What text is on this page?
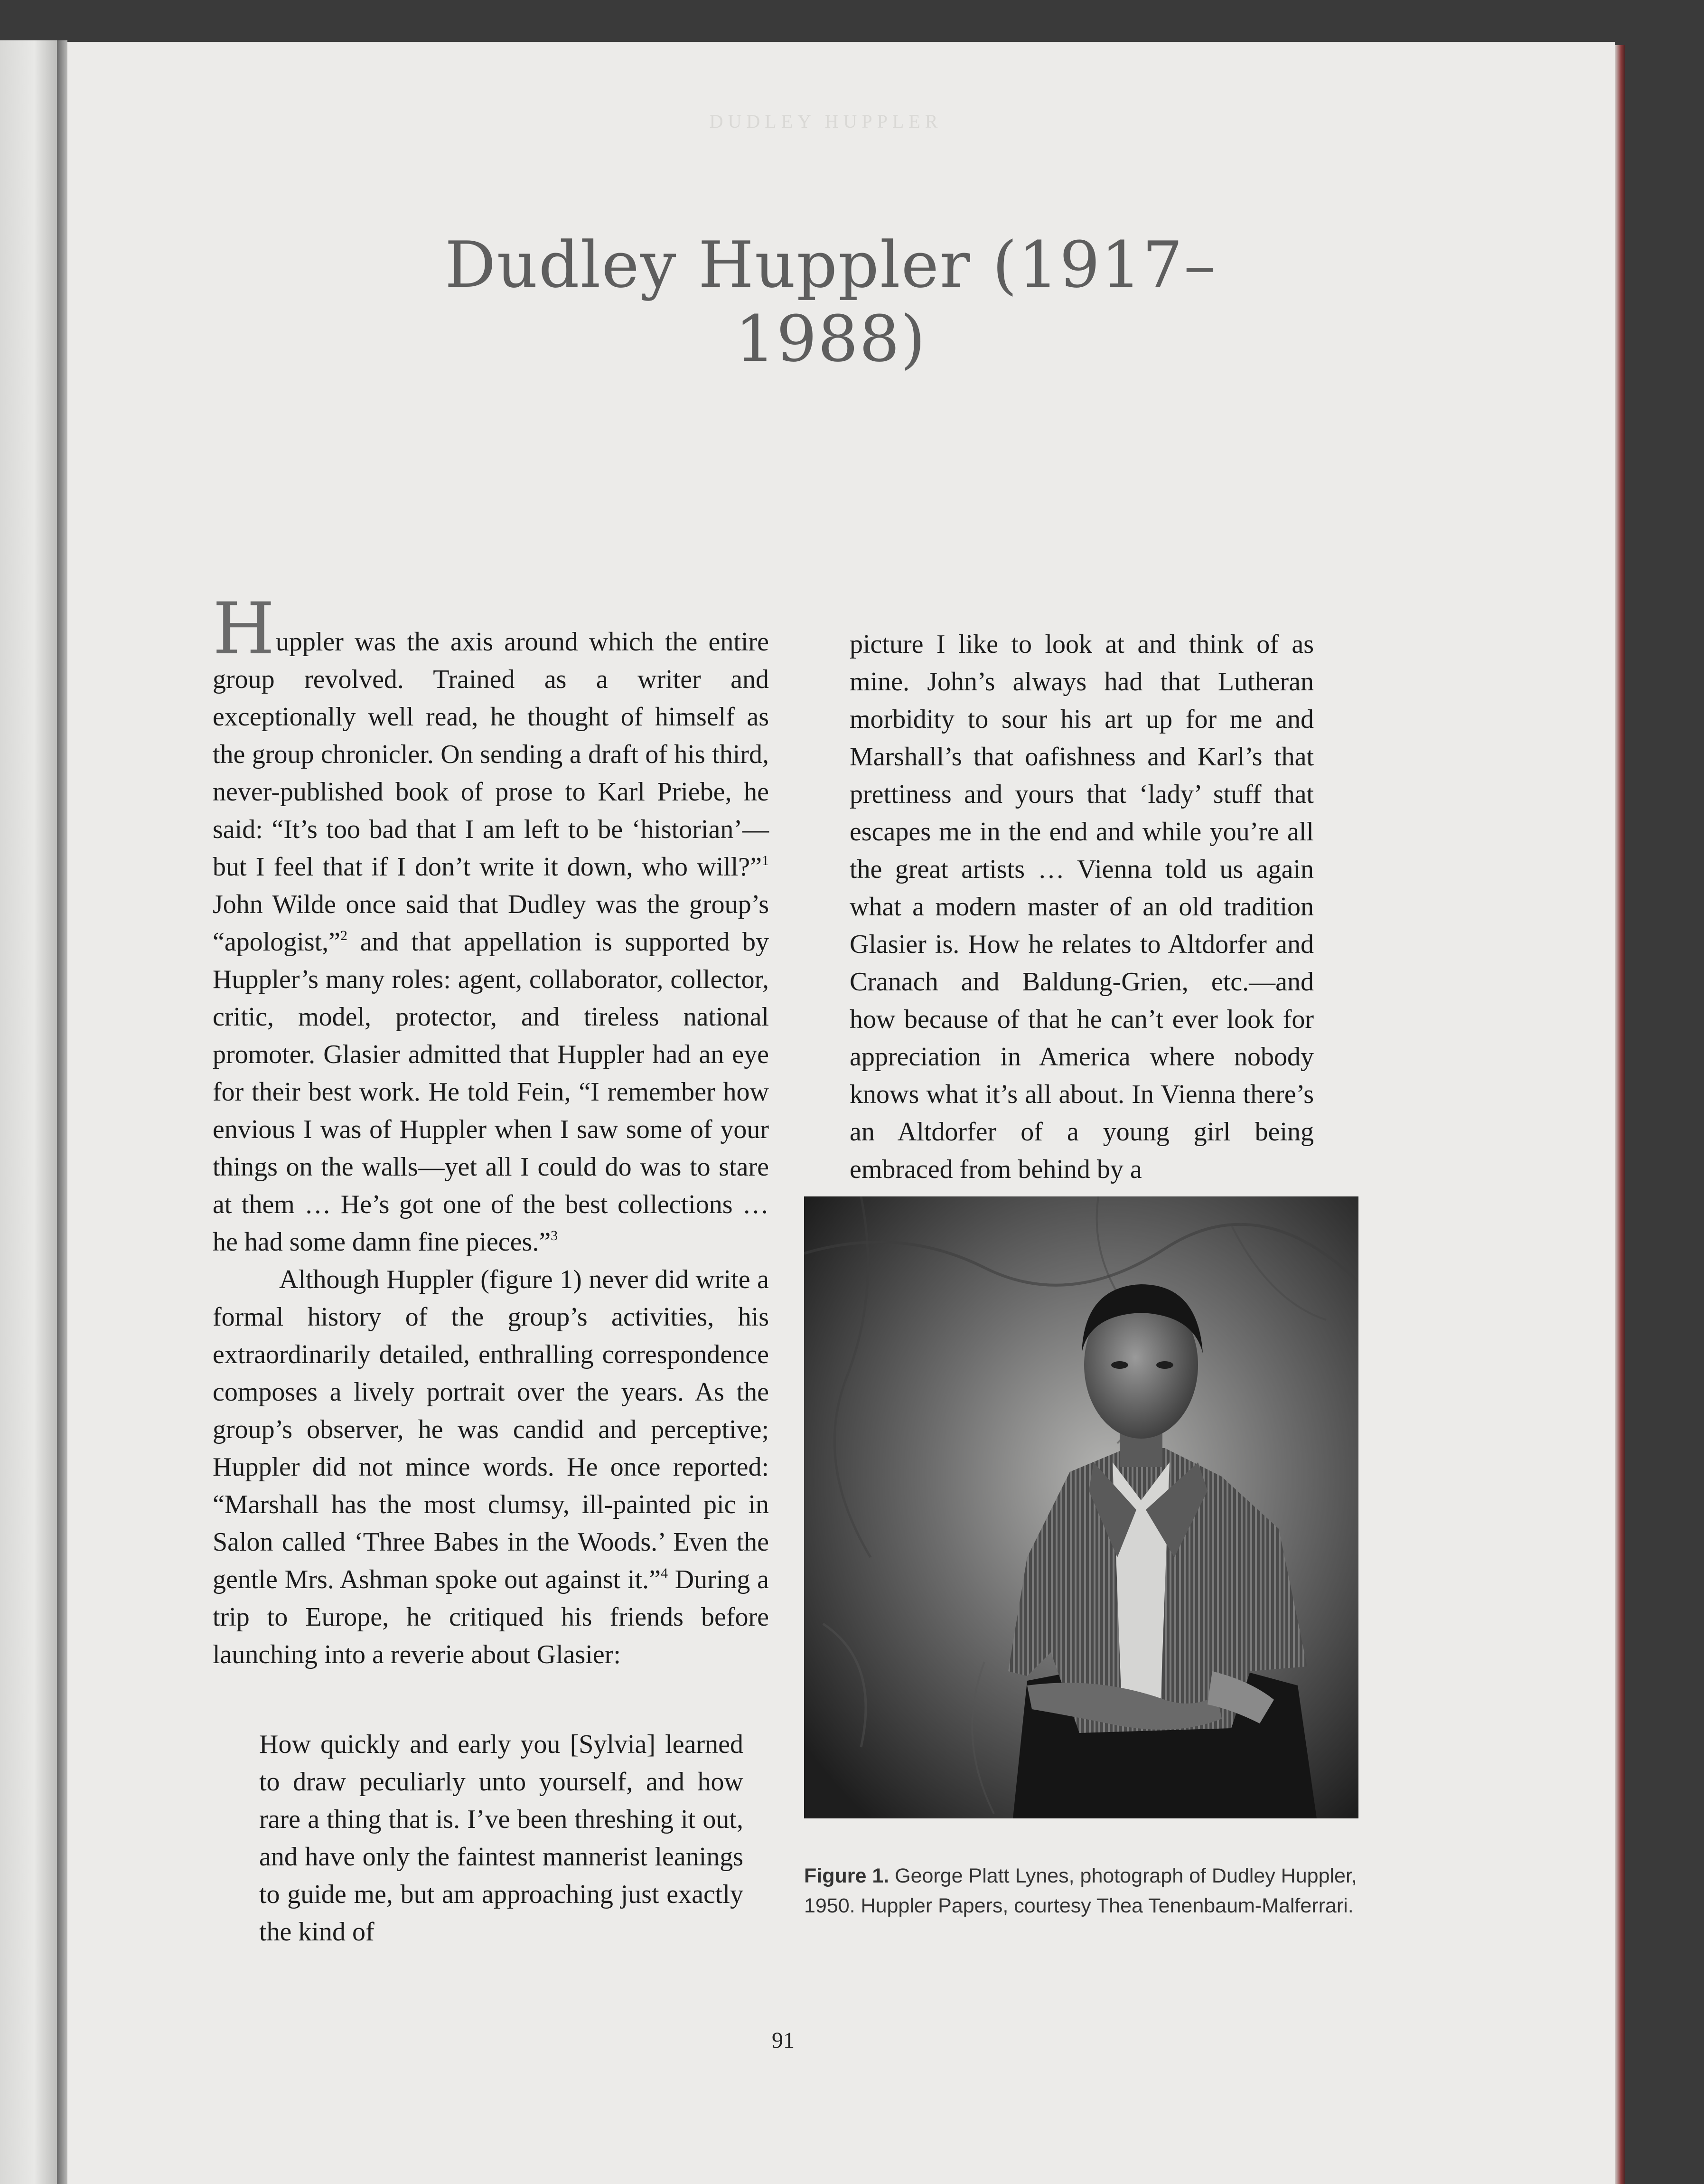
DUDLEY HUPPLER
Dudley Huppler (1917–1988)

Huppler was the axis around which the entire group revolved. Trained as a writer and exceptionally well read, he thought of himself as the group chronicler. On sending a draft of his third, never-published book of prose to Karl Priebe, he said: “It’s too bad that I am left to be ‘historian’—but I feel that if I don’t write it down, who will?”$^1$ John Wilde once said that Dudley was the group’s “apologist,”$^2$ and that appellation is supported by Huppler’s many roles: agent, collaborator, collector, critic, model, protector, and tireless national promoter. Glasier admitted that Huppler had an eye for their best work. He told Fein, “I remember how envious I was of Huppler when I saw some of your things on the walls—yet all I could do was to stare at them … He’s got one of the best collections … he had some damn fine pieces.”$^3$

Although Huppler (figure 1) never did write a formal history of the group’s activities, his extraordinarily detailed, enthralling correspondence composes a lively portrait over the years. As the group’s observer, he was candid and perceptive; Huppler did not mince words. He once reported: “Marshall has the most clumsy, ill-painted pic in Salon called ‘Three Babes in the Woods.’ Even the gentle Mrs. Ashman spoke out against it.”$^4$ During a trip to Europe, he critiqued his friends before launching into a reverie about Glasier:

How quickly and early you [Sylvia] learned to draw peculiarly unto yourself, and how rare a thing that is. I’ve been threshing it out, and have only the faintest mannerist leanings to guide me, but am approaching just exactly the kind of

picture I like to look at and think of as mine. John’s always had that Lutheran morbidity to sour his art up for me and Marshall’s that oafishness and Karl’s that prettiness and yours that ‘lady’ stuff that escapes me in the end and while you’re all the great artists … Vienna told us again what a modern master of an old tradition Glasier is. How he relates to Altdorfer and Cranach and Baldung-Grien, etc.—and how because of that he can’t ever look for appreciation in America where nobody knows what it’s all about. In Vienna there’s an Altdorfer of a young girl being embraced from behind by a

Figure 1. George Platt Lynes, photograph of Dudley Huppler, 1950. Huppler Papers, courtesy Thea Tenenbaum-Malferrari.

91
